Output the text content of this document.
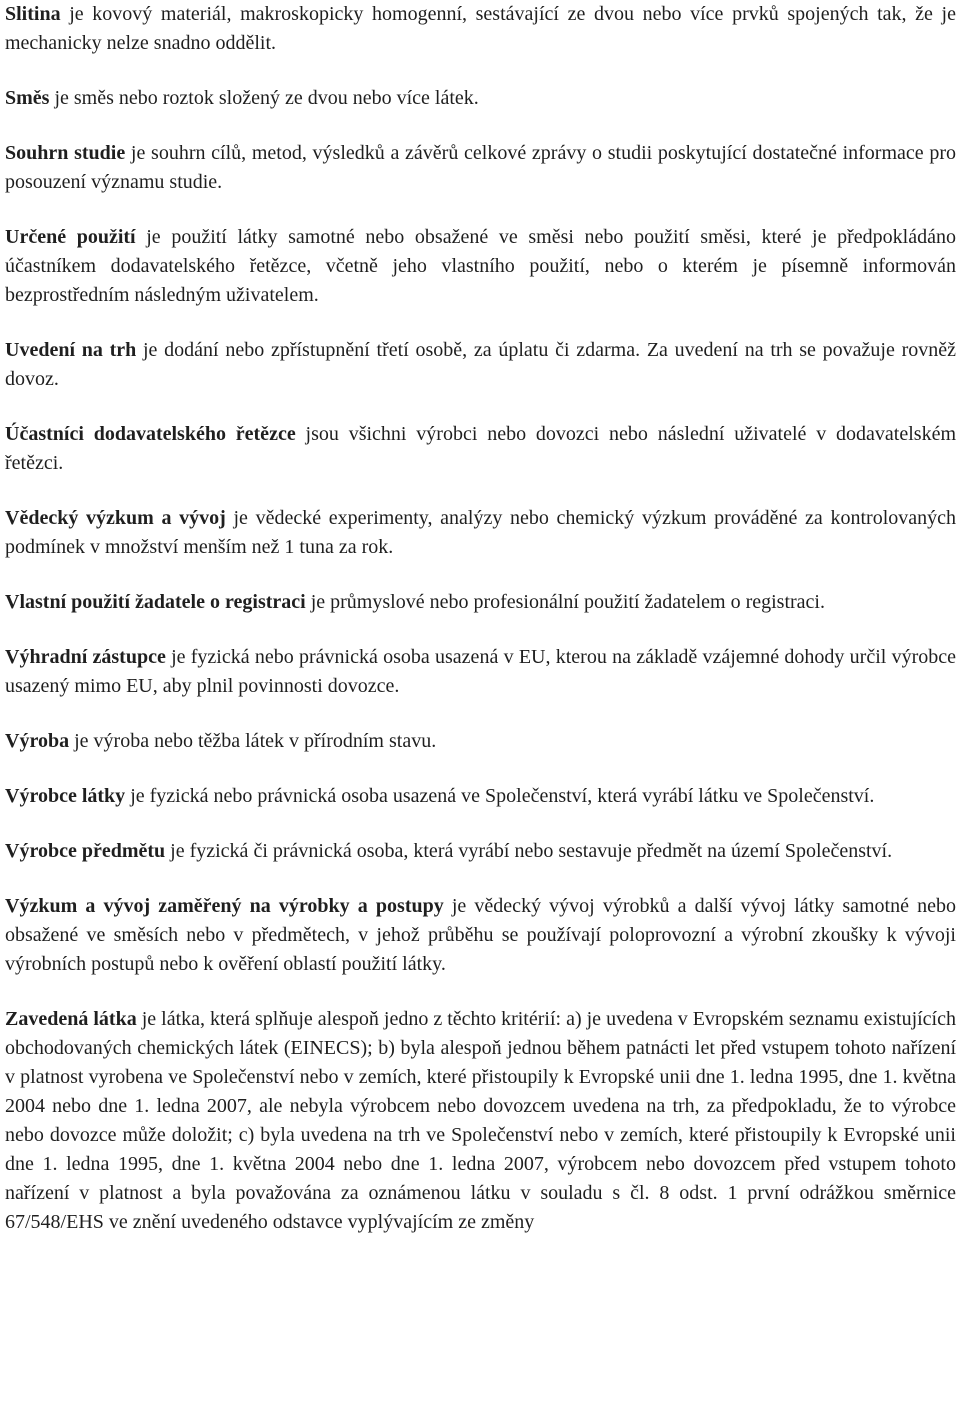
Slitina je kovový materiál, makroskopicky homogenní, sestávající ze dvou nebo více prvků spojených tak, že je mechanicky nelze snadno oddělit.

Směs je směs nebo roztok složený ze dvou nebo více látek.

Souhrn studie je souhrn cílů, metod, výsledků a závěrů celkové zprávy o studii poskytující dostatečné informace pro posouzení významu studie.

Určené použití je použití látky samotné nebo obsažené ve směsi nebo použití směsi, které je předpokládáno účastníkem dodavatelského řetězce, včetně jeho vlastního použití, nebo o kterém je písemně informován bezprostředním následným uživatelem.

Uvedení na trh je dodání nebo zpřístupnění třetí osobě, za úplatu či zdarma. Za uvedení na trh se považuje rovněž dovoz.

Účastníci dodavatelského řetězce jsou všichni výrobci nebo dovozci nebo následní uživatelé v dodavatelském řetězci.

Vědecký výzkum a vývoj je vědecké experimenty, analýzy nebo chemický výzkum prováděné za kontrolovaných podmínek v množství menším než 1 tuna za rok.

Vlastní použití žadatele o registraci je průmyslové nebo profesionální použití žadatelem o registraci.

Výhradní zástupce je fyzická nebo právnická osoba usazená v EU, kterou na základě vzájemné dohody určil výrobce usazený mimo EU, aby plnil povinnosti dovozce.

Výroba je výroba nebo těžba látek v přírodním stavu.

Výrobce látky je fyzická nebo právnická osoba usazená ve Společenství, která vyrábí látku ve Společenství.

Výrobce předmětu je fyzická či právnická osoba, která vyrábí nebo sestavuje předmět na území Společenství.

Výzkum a vývoj zaměřený na výrobky a postupy je vědecký vývoj výrobků a další vývoj látky samotné nebo obsažené ve směsích nebo v předmětech, v jehož průběhu se používají poloprovozní a výrobní zkoušky k vývoji výrobních postupů nebo k ověření oblastí použití látky.

Zavedená látka je látka, která splňuje alespoň jedno z těchto kritérií: a) je uvedena v Evropském seznamu existujících obchodovaných chemických látek (EINECS); b) byla alespoň jednou během patnácti let před vstupem tohoto nařízení v platnost vyrobena ve Společenství nebo v zemích, které přistoupily k Evropské unii dne 1. ledna 1995, dne 1. května 2004 nebo dne 1. ledna 2007, ale nebyla výrobcem nebo dovozcem uvedena na trh, za předpokladu, že to výrobce nebo dovozce může doložit; c) byla uvedena na trh ve Společenství nebo v zemích, které přistoupily k Evropské unii dne 1. ledna 1995, dne 1. května 2004 nebo dne 1. ledna 2007, výrobcem nebo dovozcem před vstupem tohoto nařízení v platnost a byla považována za oznámenou látku v souladu s čl. 8 odst. 1 první odrážkou směrnice 67/548/EHS ve znění uvedeného odstavce vyplývajícím ze změny
